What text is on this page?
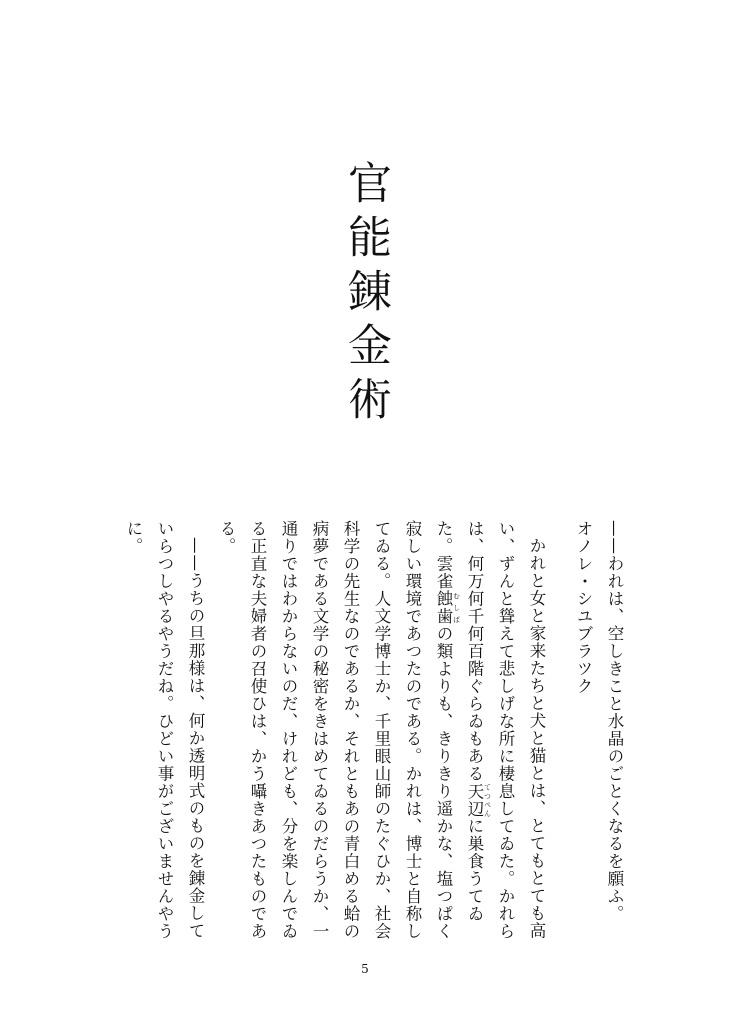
官能錬金術

——われは、空しきこと水晶のごとくなるを願ふ。

オノレ・シユブラツク

かれと女と家来たちと犬と猫とは、とてもとても高い、ずんと聳えて悲しげな所に棲息してゐた。かれらは、何万何千何百階ぐらゐもある天辺 てつぺんに巣食うてゐた。雲雀蝕歯 むしばの類よりも、きりきり遥かな、塩つぱく寂しい環境であつたのである。かれは、博士と自称してゐる。人文学博士か、千里眼山師のたぐひか、社会科学の先生なのであるか、それともあの青白める蛤の病夢である文学の秘密をきはめてゐるのだらうか、一通りではわからないのだ、けれども、分を楽しんでゐる正直な夫婦者の召使ひは、かう囁きあつたものである。

——うちの旦那様は、何か透明式のものを錬金していらつしやるやうだね。ひどい事がございませんやうに。

5
